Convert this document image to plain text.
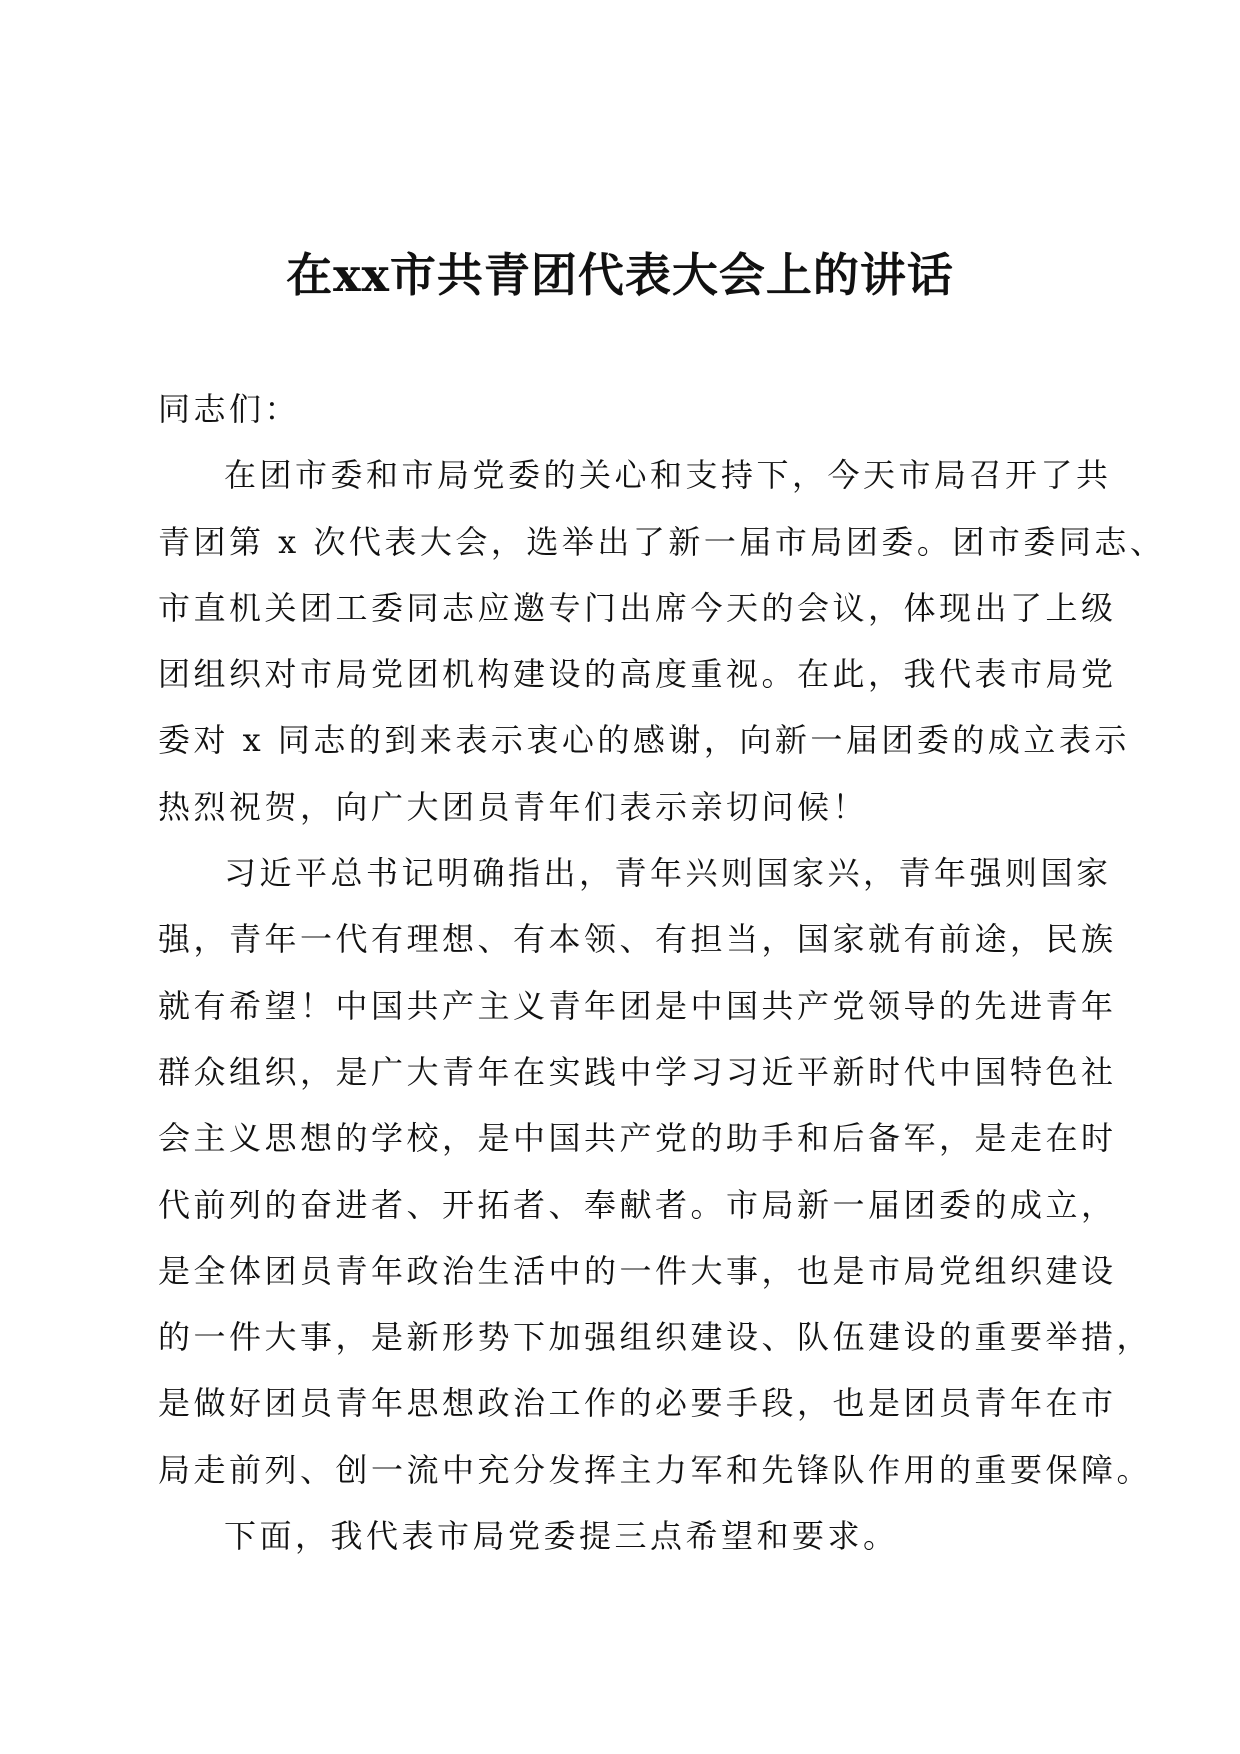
在xx市共青团代表大会上的讲话
同志们：
在团市委和市局党委的关心和支持下，今天市局召开了共
青团第 x 次代表大会，选举出了新一届市局团委。团市委同志、
市直机关团工委同志应邀专门出席今天的会议，体现出了上级
团组织对市局党团机构建设的高度重视。在此，我代表市局党
委对 x 同志的到来表示衷心的感谢，向新一届团委的成立表示
热烈祝贺，向广大团员青年们表示亲切问候！
习近平总书记明确指出，青年兴则国家兴，青年强则国家
强，青年一代有理想、有本领、有担当，国家就有前途，民族
就有希望！中国共产主义青年团是中国共产党领导的先进青年
群众组织，是广大青年在实践中学习习近平新时代中国特色社
会主义思想的学校，是中国共产党的助手和后备军，是走在时
代前列的奋进者、开拓者、奉献者。市局新一届团委的成立，
是全体团员青年政治生活中的一件大事，也是市局党组织建设
的一件大事，是新形势下加强组织建设、队伍建设的重要举措，
是做好团员青年思想政治工作的必要手段，也是团员青年在市
局走前列、创一流中充分发挥主力军和先锋队作用的重要保障。
下面，我代表市局党委提三点希望和要求。
